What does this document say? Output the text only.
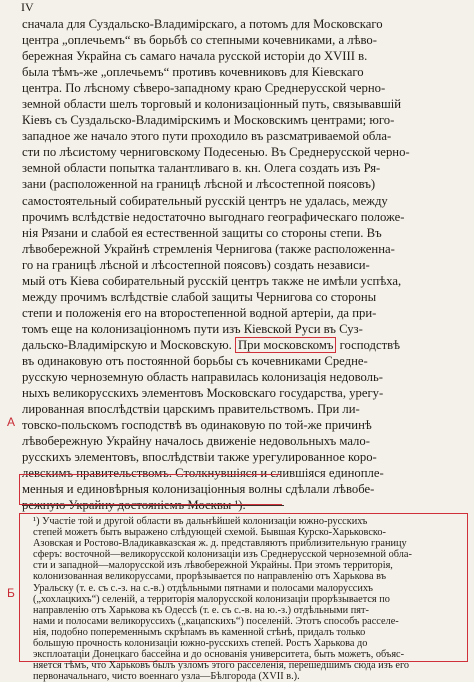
IV
сначала для Суздальско-Владимірскаго, а потомъ для Московскаго
центра „оплечьемъ“ въ борьбѣ со степными кочевниками, а лѣво-
бережная Украйна съ самаго начала русской исторіи до XVIII в.
была тѣмъ-же „оплечьемъ“ противъ кочевниковъ для Кіевскаго
центра. По лѣсному сѣверо-западному краю Среднерусской черно-
земной области шелъ торговый и колонизаціонный путь, связывавшій
Кіевъ съ Суздальско-Владимірскимъ и Московскимъ центрами; юго-
западное же начало этого пути проходило въ разсматриваемой обла-
сти по лѣсистому черниговскому Подесенью. Въ Среднерусской черно-
земной области попытка талантливаго в. кн. Олега создать изъ Ря-
зани (расположенной на границѣ лѣсной и лѣсостепной поясовъ)
самостоятельный собирательный русскій центръ не удалась, между
прочимъ вслѣдствіе недостаточно выгоднаго географическаго положе-
нія Рязани и слабой ея естественной защиты со стороны степи. Въ
лѣвобережной Украйнѣ стремленія Чернигова (также расположенна-
го на границѣ лѣсной и лѣсостепной поясовъ) создать независи-
мый отъ Кіева собирательный русскій центръ также не имѣли успѣха,
между прочимъ вслѣдствіе слабой защиты Чернигова со стороны
степи и положенія его на второстепенной водной артеріи, да при-
томъ еще на колонизаціонномъ пути изъ Кіевской Руси въ Суз-
дальско-Владимірскую и Московскую. При московскомъ господствѣ
въ одинаковую отъ постоянной борьбы съ кочевниками Средне-
русскую черноземную область направилась колонизація недоволь-
ныхъ великорусскихъ элементовъ Московскаго государства, урегу-
лированная впослѣдствіи царскимъ правительствомъ. При ли-
товско-польскомъ господствѣ въ одинаковую по той-же причинѣ
лѣвобережную Украйну началось движеніе недовольныхъ мало-
русскихъ элементовъ, впослѣдствіи также урегулированное коро-
левскимъ правительствомъ. Столкнувшіяся и слившіяся единопле-
менныя и единовѣрныя колонизаціонныя волны сдѣлали лѣвобе-
режную Украйну достояніемъ Москвы ¹).
А
Б
¹) Участіе той и другой области въ дальнѣйшей колонизаціи южно-русскихъ
степей можетъ быть выражено слѣдующей схемой. Бывшая Курско-Харьковско-
Азовская и Ростово-Владикавказская ж. д. представляютъ приблизительную границу
сферъ: восточной—великорусской колонизаціи изъ Среднерусской черноземной обла-
сти и западной—малорусской изъ лѣвобережной Украйны. При этомъ территорія,
колонизованная великоруссами, прорѣзывается по направленію отъ Харькова въ
Уральску (т. е. съ с.-з. на с.-в.) отдѣльными пятнами и полосами малоруссихъ
(„хохлацкихъ“) селеній, а территорія малорусской колонизаціи прорѣзывается по
направленію отъ Харькова къ Одессѣ (т. е. съ с.-в. на ю.-з.) отдѣльными пят-
нами и полосами великоруссихъ („кацапскихъ“) поселеній. Этотъ способъ расселе-
нія, подобно попеременнымъ скрѣпамъ въ каменной стѣнѣ, придалъ только
большую прочность колонизаціи южно-русскихъ степей. Ростъ Харькова до
эксплоатаціи Донецкаго бассейна и до основанія университета, быть можетъ, объяс-
няется тѣмъ, что Харьковъ былъ узломъ этого расселенія, перешедшимъ сюда изъ его
первоначальнаго, чисто военнаго узла—Бѣлгорода (XVII в.).
